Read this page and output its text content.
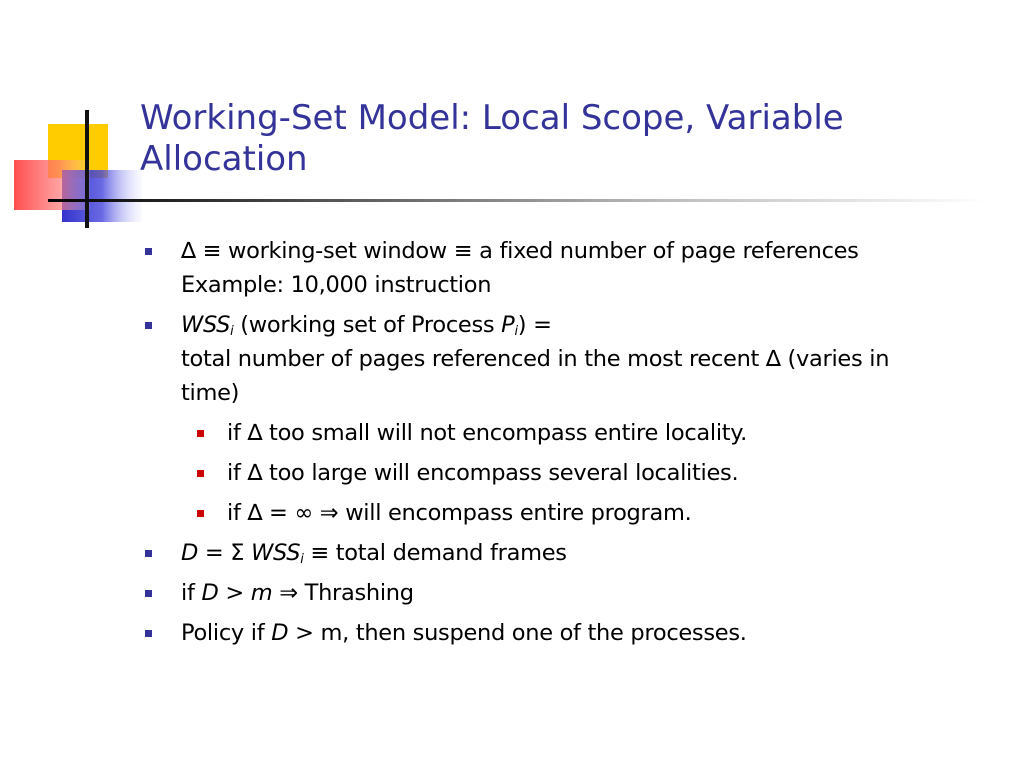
Working-Set Model: Local Scope, Variable
Allocation
∆ ≡ working-set window ≡ a fixed number of page references
Example: 10,000 instruction
$WSS_i$ (working set of Process $P_i$) =
total number of pages referenced in the most recent ∆ (varies in
time)
if ∆ too small will not encompass entire locality.
if ∆ too large will encompass several localities.
if ∆ = ∞ ⇒ will encompass entire program.
D = Σ $WSS_i$ ≡ total demand frames
if D > m ⇒ Thrashing
Policy if D > m, then suspend one of the processes.
